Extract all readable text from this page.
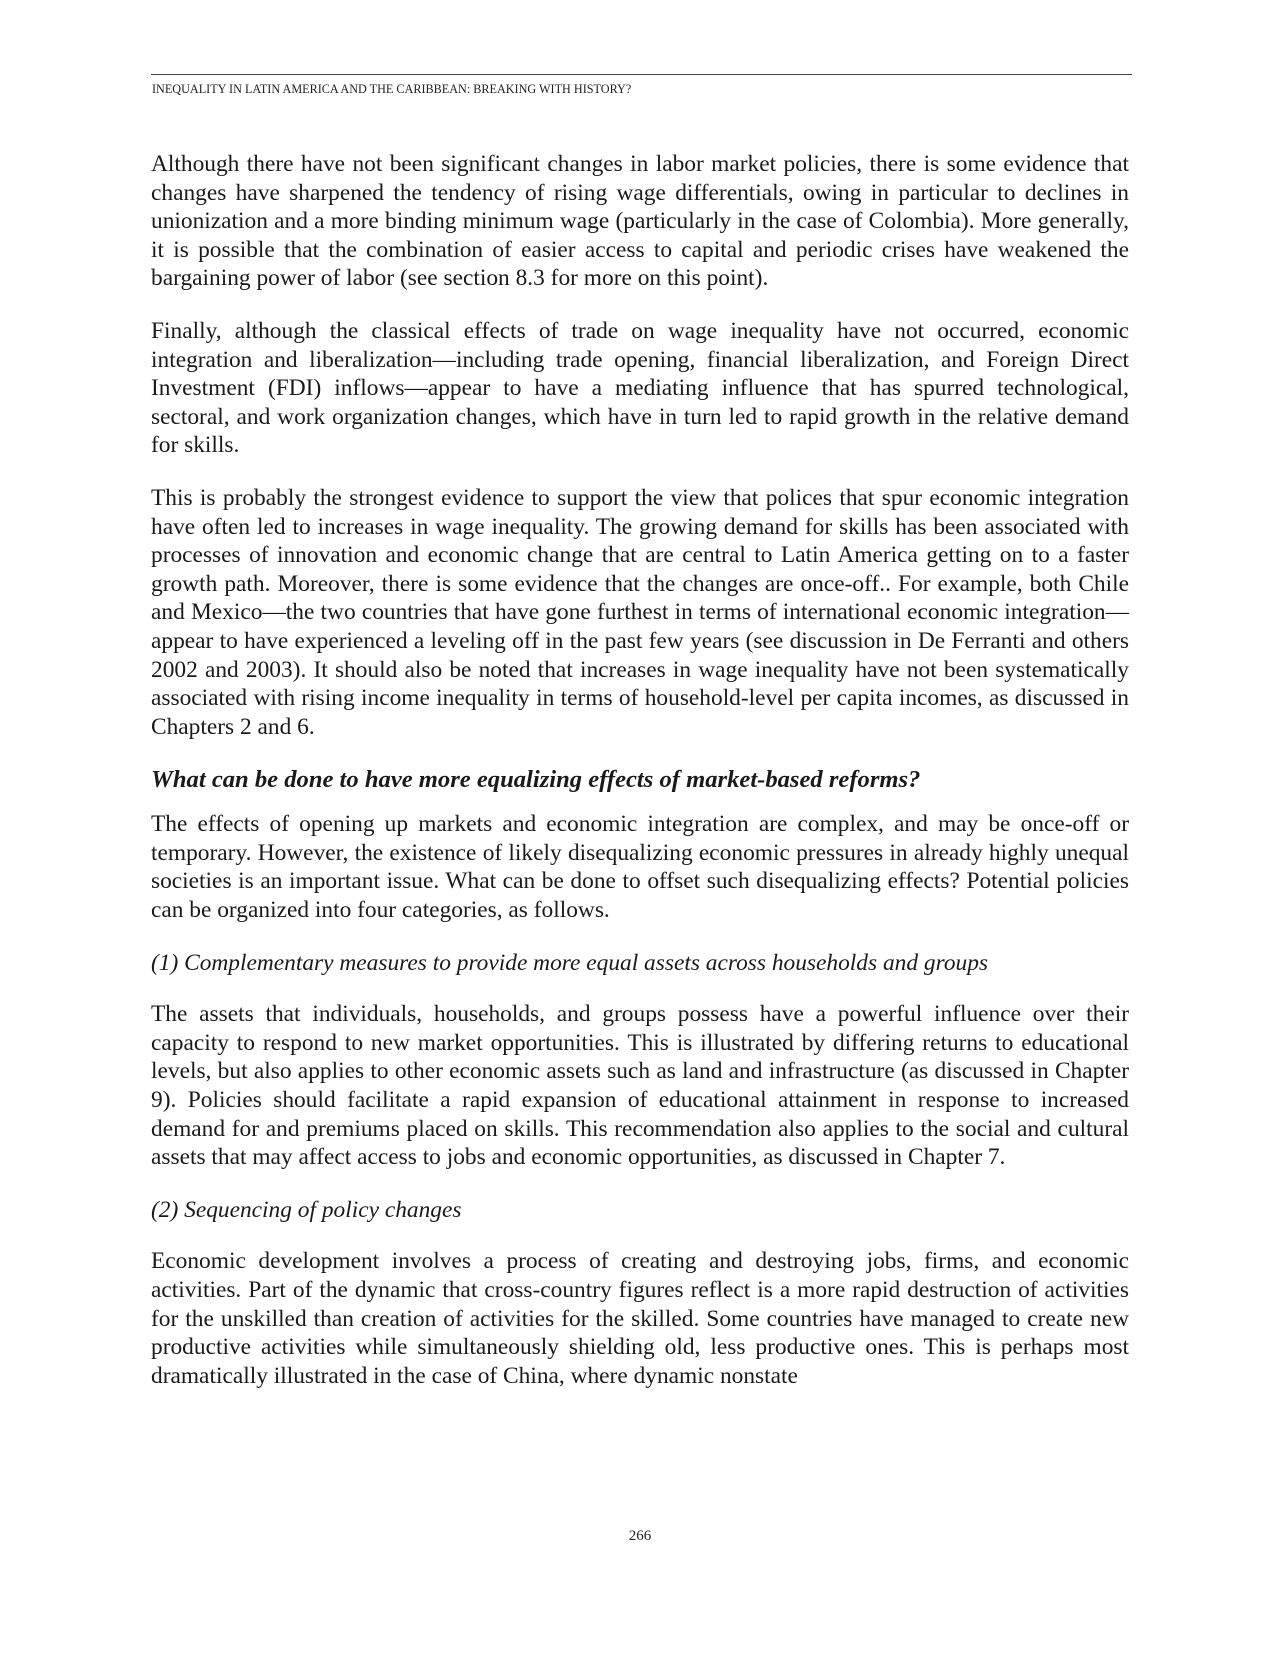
INEQUALITY IN LATIN AMERICA AND THE CARIBBEAN: BREAKING WITH HISTORY?

Although there have not been significant changes in labor market policies, there is some evidence that changes have sharpened the tendency of rising wage differentials, owing in particular to declines in unionization and a more binding minimum wage (particularly in the case of Colombia). More generally, it is possible that the combination of easier access to capital and periodic crises have weakened the bargaining power of labor (see section 8.3 for more on this point).

Finally, although the classical effects of trade on wage inequality have not occurred, economic integration and liberalization—including trade opening, financial liberalization, and Foreign Direct Investment (FDI) inflows—appear to have a mediating influence that has spurred technological, sectoral, and work organization changes, which have in turn led to rapid growth in the relative demand for skills.

This is probably the strongest evidence to support the view that polices that spur economic integration have often led to increases in wage inequality. The growing demand for skills has been associated with processes of innovation and economic change that are central to Latin America getting on to a faster growth path. Moreover, there is some evidence that the changes are once-off.. For example, both Chile and Mexico—the two countries that have gone furthest in terms of international economic integration—appear to have experienced a leveling off in the past few years (see discussion in De Ferranti and others 2002 and 2003). It should also be noted that increases in wage inequality have not been systematically associated with rising income inequality in terms of household-level per capita incomes, as discussed in Chapters 2 and 6.

What can be done to have more equalizing effects of market-based reforms?

The effects of opening up markets and economic integration are complex, and may be once-off or temporary. However, the existence of likely disequalizing economic pressures in already highly unequal societies is an important issue. What can be done to offset such disequalizing effects? Potential policies can be organized into four categories, as follows.

(1) Complementary measures to provide more equal assets across households and groups

The assets that individuals, households, and groups possess have a powerful influence over their capacity to respond to new market opportunities. This is illustrated by differing returns to educational levels, but also applies to other economic assets such as land and infrastructure (as discussed in Chapter 9). Policies should facilitate a rapid expansion of educational attainment in response to increased demand for and premiums placed on skills. This recommendation also applies to the social and cultural assets that may affect access to jobs and economic opportunities, as discussed in Chapter 7.

(2) Sequencing of policy changes

Economic development involves a process of creating and destroying jobs, firms, and economic activities. Part of the dynamic that cross-country figures reflect is a more rapid destruction of activities for the unskilled than creation of activities for the skilled. Some countries have managed to create new productive activities while simultaneously shielding old, less productive ones. This is perhaps most dramatically illustrated in the case of China, where dynamic nonstate

266
